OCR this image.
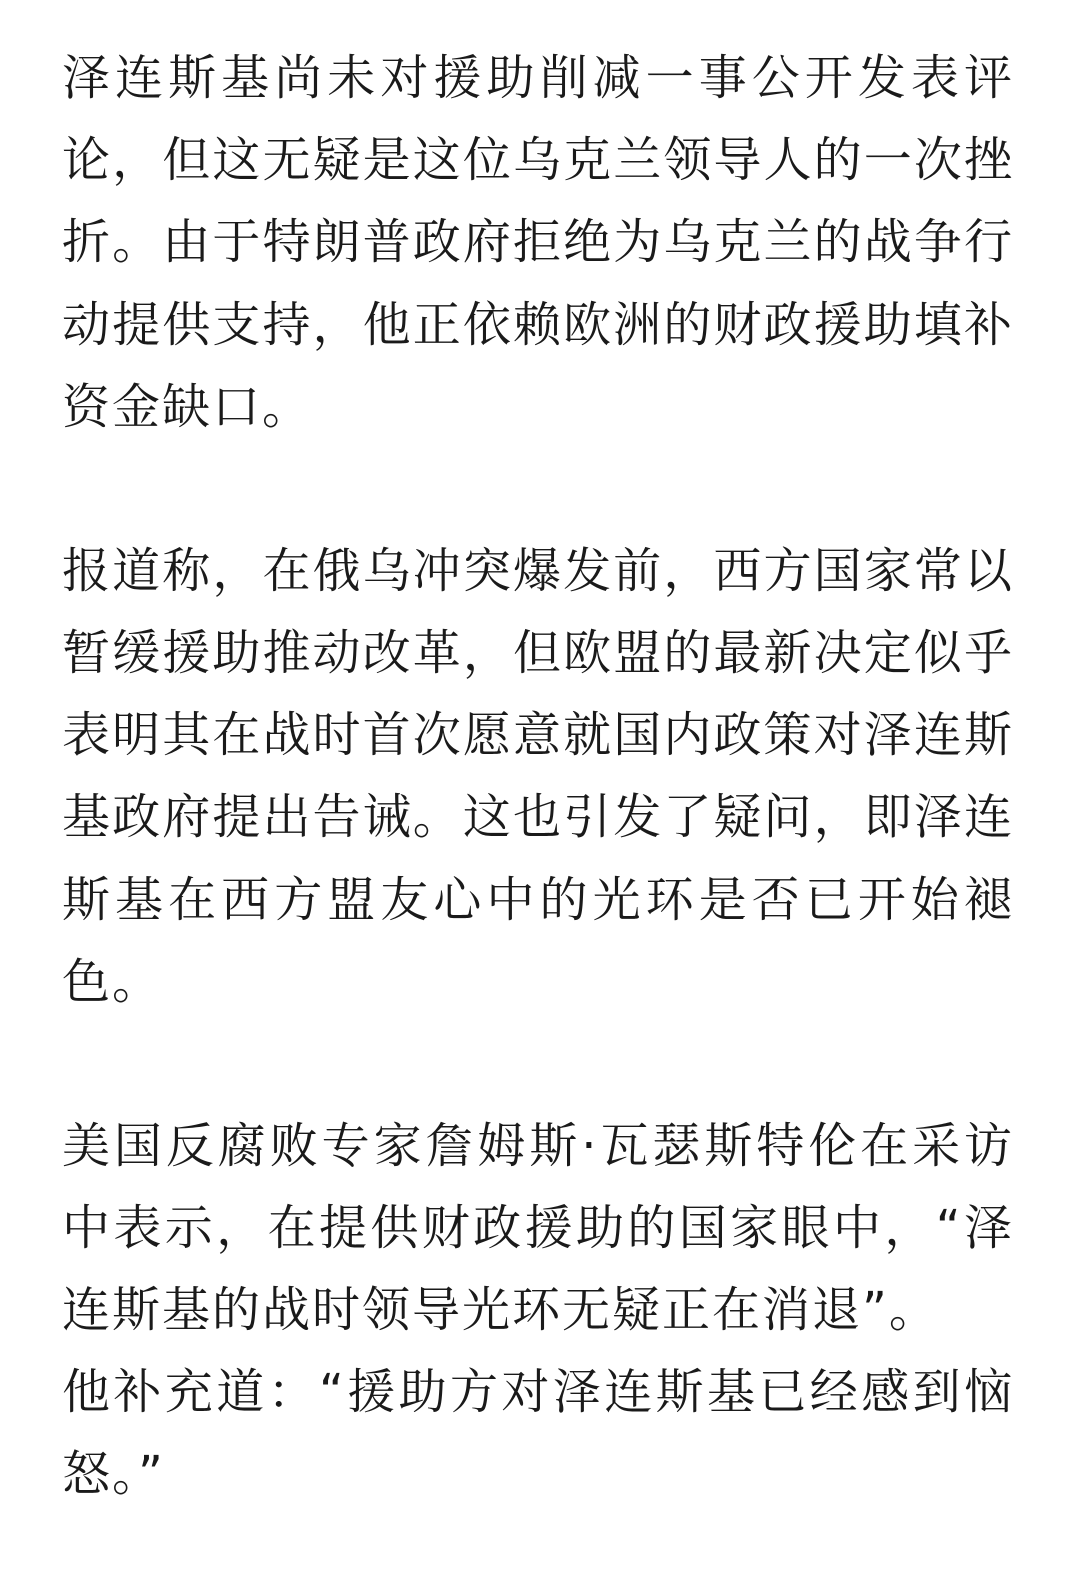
泽连斯基尚未对援助削减一事公开发表评

论，但这无疑是这位乌克兰领导人的一次挫

折。由于特朗普政府拒绝为乌克兰的战争行

动提供支持，他正依赖欧洲的财政援助填补

资金缺口。

报道称，在俄乌冲突爆发前，西方国家常以

暂缓援助推动改革，但欧盟的最新决定似乎

表明其在战时首次愿意就国内政策对泽连斯

基政府提出告诫。这也引发了疑问，即泽连

斯基在西方盟友心中的光环是否已开始褪

色。

美国反腐败专家詹姆斯·瓦瑟斯特伦在采访

中表示，在提供财政援助的国家眼中，“泽

连斯基的战时领导光环无疑正在消退”。

他补充道：“援助方对泽连斯基已经感到恼

怒。”
